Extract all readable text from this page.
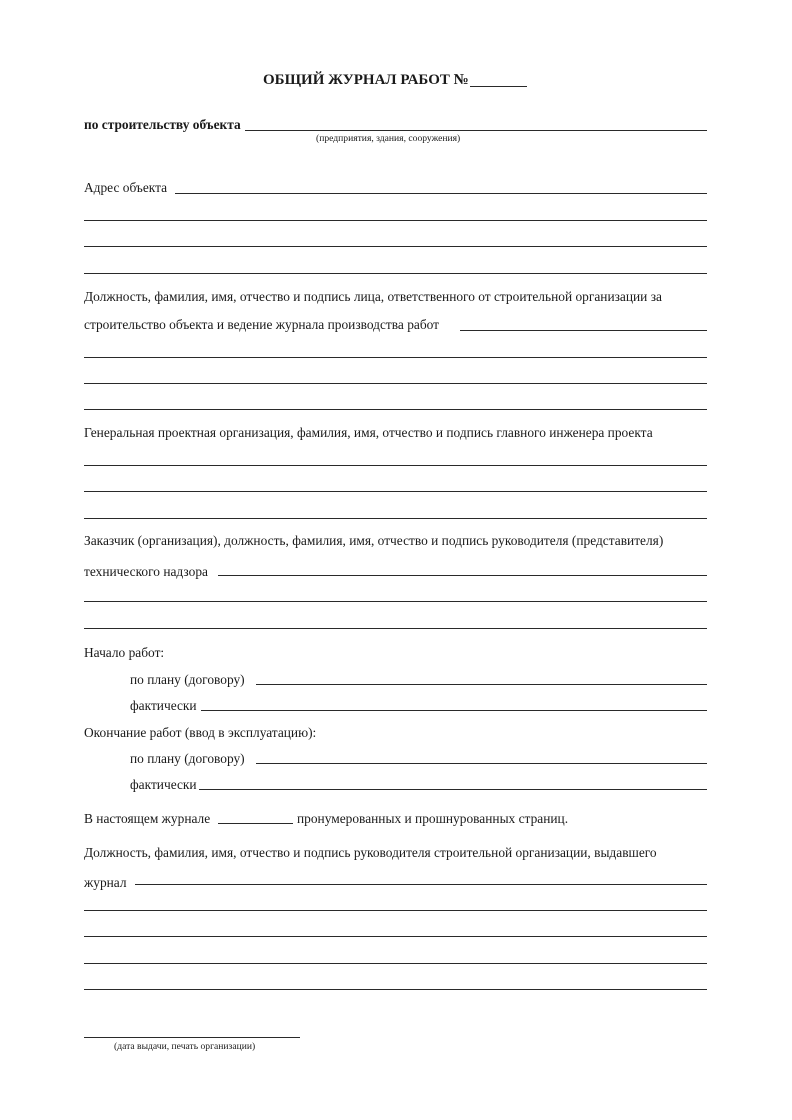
ОБЩИЙ ЖУРНАЛ РАБОТ №
по строительству объекта
(предприятия, здания, сооружения)
Адрес объекта
Должность, фамилия, имя, отчество и подпись лица, ответственного от строительной организации за
строительство объекта и ведение журнала производства работ
Генеральная проектная организация, фамилия, имя, отчество и подпись главного инженера проекта
Заказчик (организация), должность, фамилия, имя, отчество и подпись руководителя (представителя)
технического надзора
Начало работ:
по плану (договору)
фактически
Окончание работ (ввод в эксплуатацию):
по плану (договору)
фактически
В настоящем журнале	пронумерованных и прошнурованных страниц.
Должность, фамилия, имя, отчество и подпись руководителя строительной организации, выдавшего
журнал
(дата выдачи, печать организации)
